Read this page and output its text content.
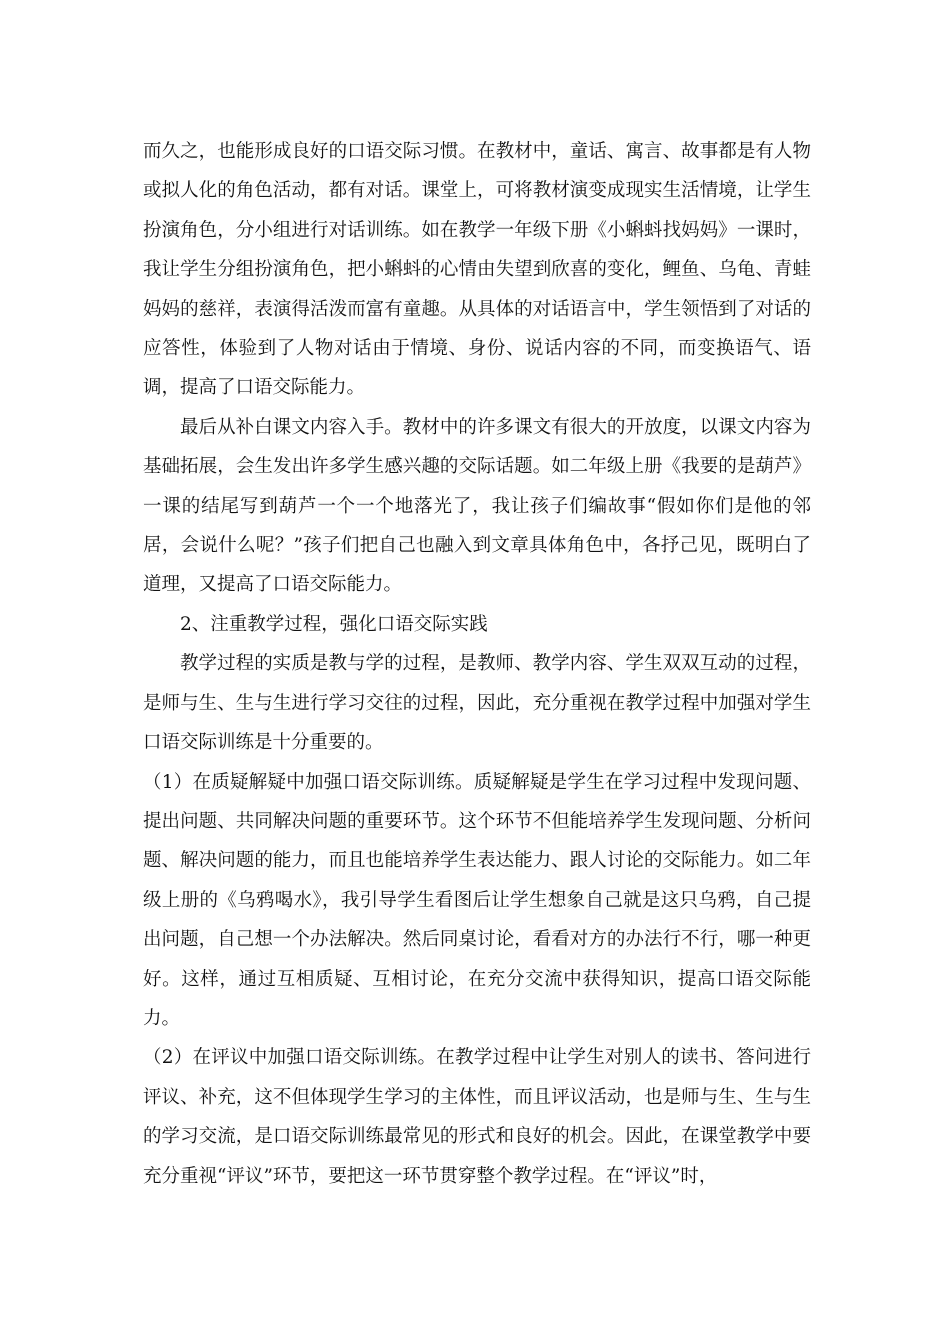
而久之，也能形成良好的口语交际习惯。在教材中，童话、寓言、故事都是有人物或拟人化的角色活动，都有对话。课堂上，可将教材演变成现实生活情境，让学生扮演角色，分小组进行对话训练。如在教学一年级下册《小蝌蚪找妈妈》一课时，我让学生分组扮演角色，把小蝌蚪的心情由失望到欣喜的变化，鲤鱼、乌龟、青蛙妈妈的慈祥，表演得活泼而富有童趣。从具体的对话语言中，学生领悟到了对话的应答性，体验到了人物对话由于情境、身份、说话内容的不同，而变换语气、语调，提高了口语交际能力。

最后从补白课文内容入手。教材中的许多课文有很大的开放度，以课文内容为基础拓展，会生发出许多学生感兴趣的交际话题。如二年级上册《我要的是葫芦》一课的结尾写到葫芦一个一个地落光了，我让孩子们编故事“假如你们是他的邻居，会说什么呢？”孩子们把自己也融入到文章具体角色中，各抒己见，既明白了道理，又提高了口语交际能力。

2、注重教学过程，强化口语交际实践

教学过程的实质是教与学的过程，是教师、教学内容、学生双双互动的过程，是师与生、生与生进行学习交往的过程，因此，充分重视在教学过程中加强对学生口语交际训练是十分重要的。

（1）在质疑解疑中加强口语交际训练。质疑解疑是学生在学习过程中发现问题、提出问题、共同解决问题的重要环节。这个环节不但能培养学生发现问题、分析问题、解决问题的能力，而且也能培养学生表达能力、跟人讨论的交际能力。如二年级上册的《乌鸦喝水》，我引导学生看图后让学生想象自己就是这只乌鸦，自己提出问题，自己想一个办法解决。然后同桌讨论，看看对方的办法行不行，哪一种更好。这样，通过互相质疑、互相讨论，在充分交流中获得知识，提高口语交际能力。

（2）在评议中加强口语交际训练。在教学过程中让学生对别人的读书、答问进行评议、补充，这不但体现学生学习的主体性，而且评议活动，也是师与生、生与生的学习交流，是口语交际训练最常见的形式和良好的机会。因此，在课堂教学中要充分重视“评议”环节，要把这一环节贯穿整个教学过程。在“评议”时，
